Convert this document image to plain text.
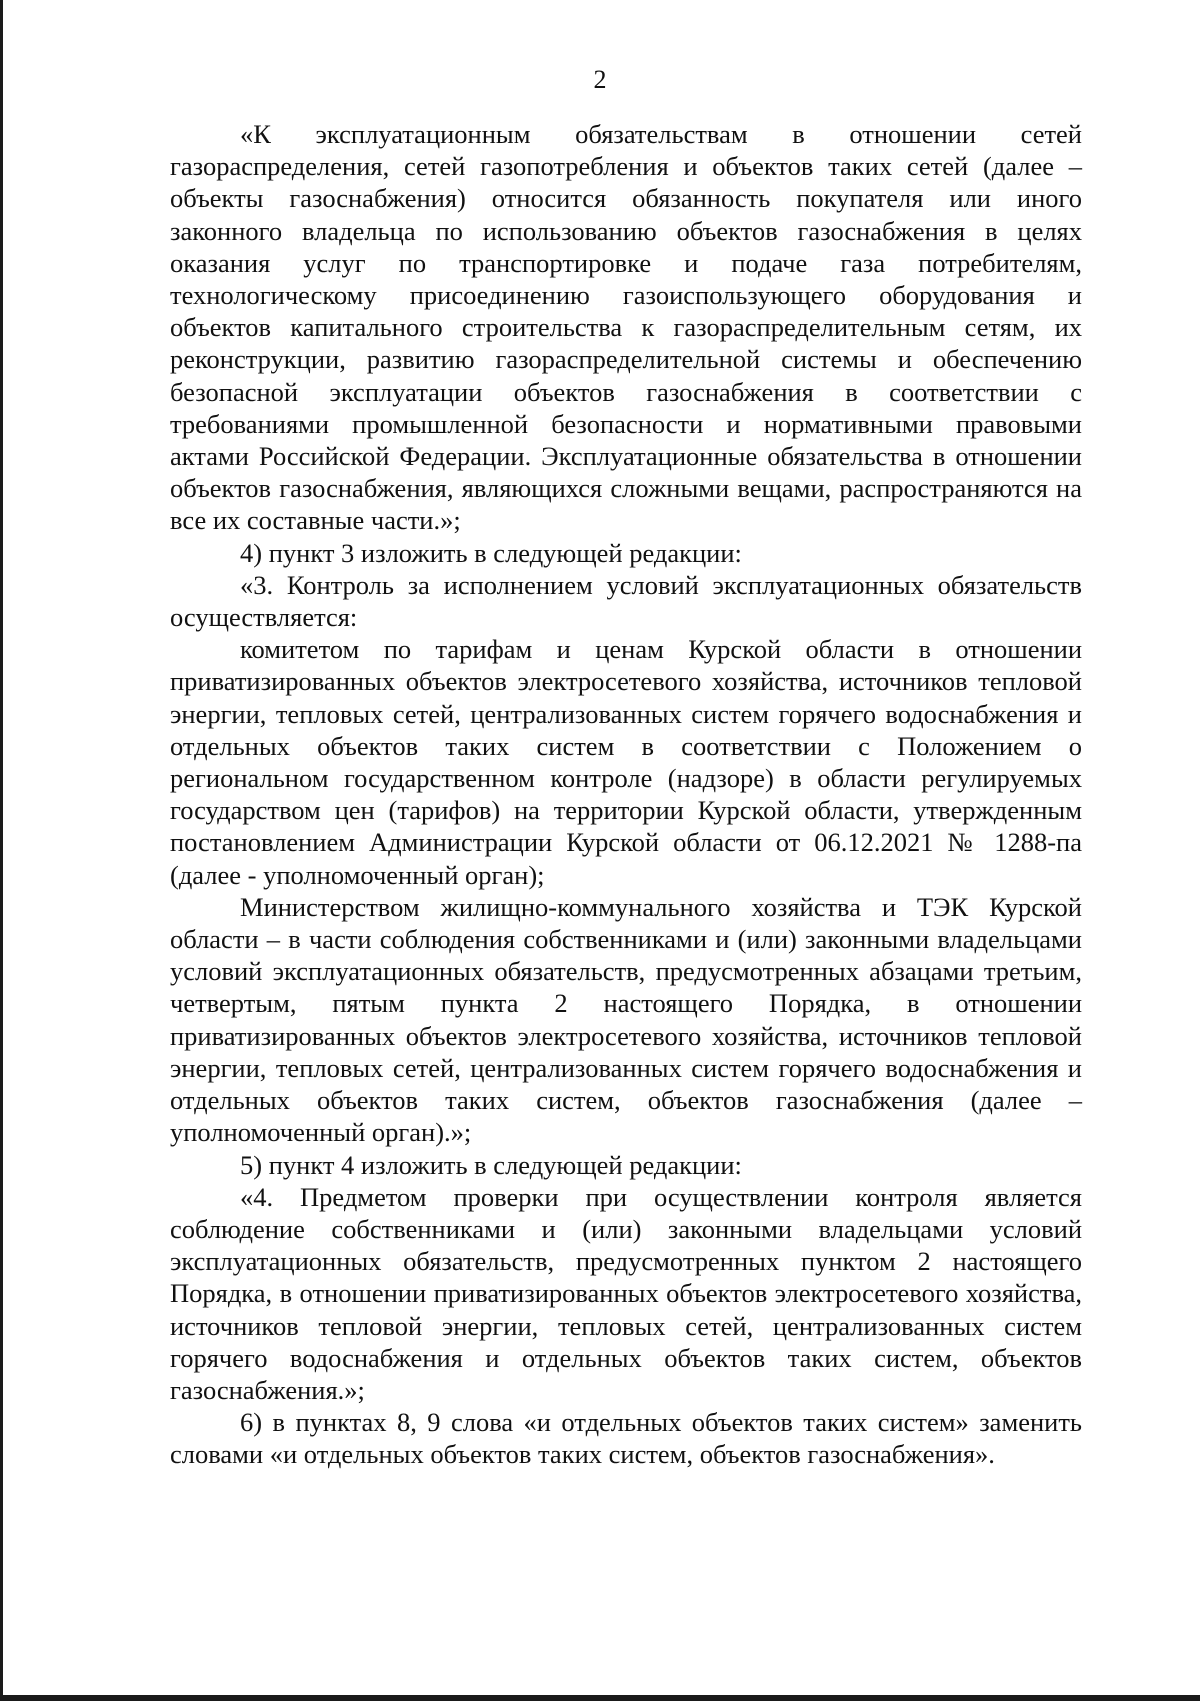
2

«К эксплуатационным обязательствам в отношении сетей газораспределения, сетей газопотребления и объектов таких сетей (далее – объекты газоснабжения) относится обязанность покупателя или иного законного владельца по использованию объектов газоснабжения в целях оказания услуг по транспортировке и подаче газа потребителям, технологическому присоединению газоиспользующего оборудования и объектов капитального строительства к газораспределительным сетям, их реконструкции, развитию газораспределительной системы и обеспечению безопасной эксплуатации объектов газоснабжения в соответствии с требованиями промышленной безопасности и нормативными правовыми актами Российской Федерации. Эксплуатационные обязательства в отношении объектов газоснабжения, являющихся сложными вещами, распространяются на все их составные части.»;

4) пункт 3 изложить в следующей редакции:

«3. Контроль за исполнением условий эксплуатационных обязательств осуществляется:

комитетом по тарифам и ценам Курской области в отношении приватизированных объектов электросетевого хозяйства, источников тепловой энергии, тепловых сетей, централизованных систем горячего водоснабжения и отдельных объектов таких систем в соответствии с Положением о региональном государственном контроле (надзоре) в области регулируемых государством цен (тарифов) на территории Курской области, утвержденным постановлением Администрации Курской области от 06.12.2021 № 1288-па (далее - уполномоченный орган);

Министерством жилищно-коммунального хозяйства и ТЭК Курской области – в части соблюдения собственниками и (или) законными владельцами условий эксплуатационных обязательств, предусмотренных абзацами третьим, четвертым, пятым пункта 2 настоящего Порядка, в отношении приватизированных объектов электросетевого хозяйства, источников тепловой энергии, тепловых сетей, централизованных систем горячего водоснабжения и отдельных объектов таких систем, объектов газоснабжения (далее – уполномоченный орган).»;

5) пункт 4 изложить в следующей редакции:

«4. Предметом проверки при осуществлении контроля является соблюдение собственниками и (или) законными владельцами условий эксплуатационных обязательств, предусмотренных пунктом 2 настоящего Порядка, в отношении приватизированных объектов электросетевого хозяйства, источников тепловой энергии, тепловых сетей, централизованных систем горячего водоснабжения и отдельных объектов таких систем, объектов газоснабжения.»;

6) в пунктах 8, 9 слова «и отдельных объектов таких систем» заменить словами «и отдельных объектов таких систем, объектов газоснабжения».
